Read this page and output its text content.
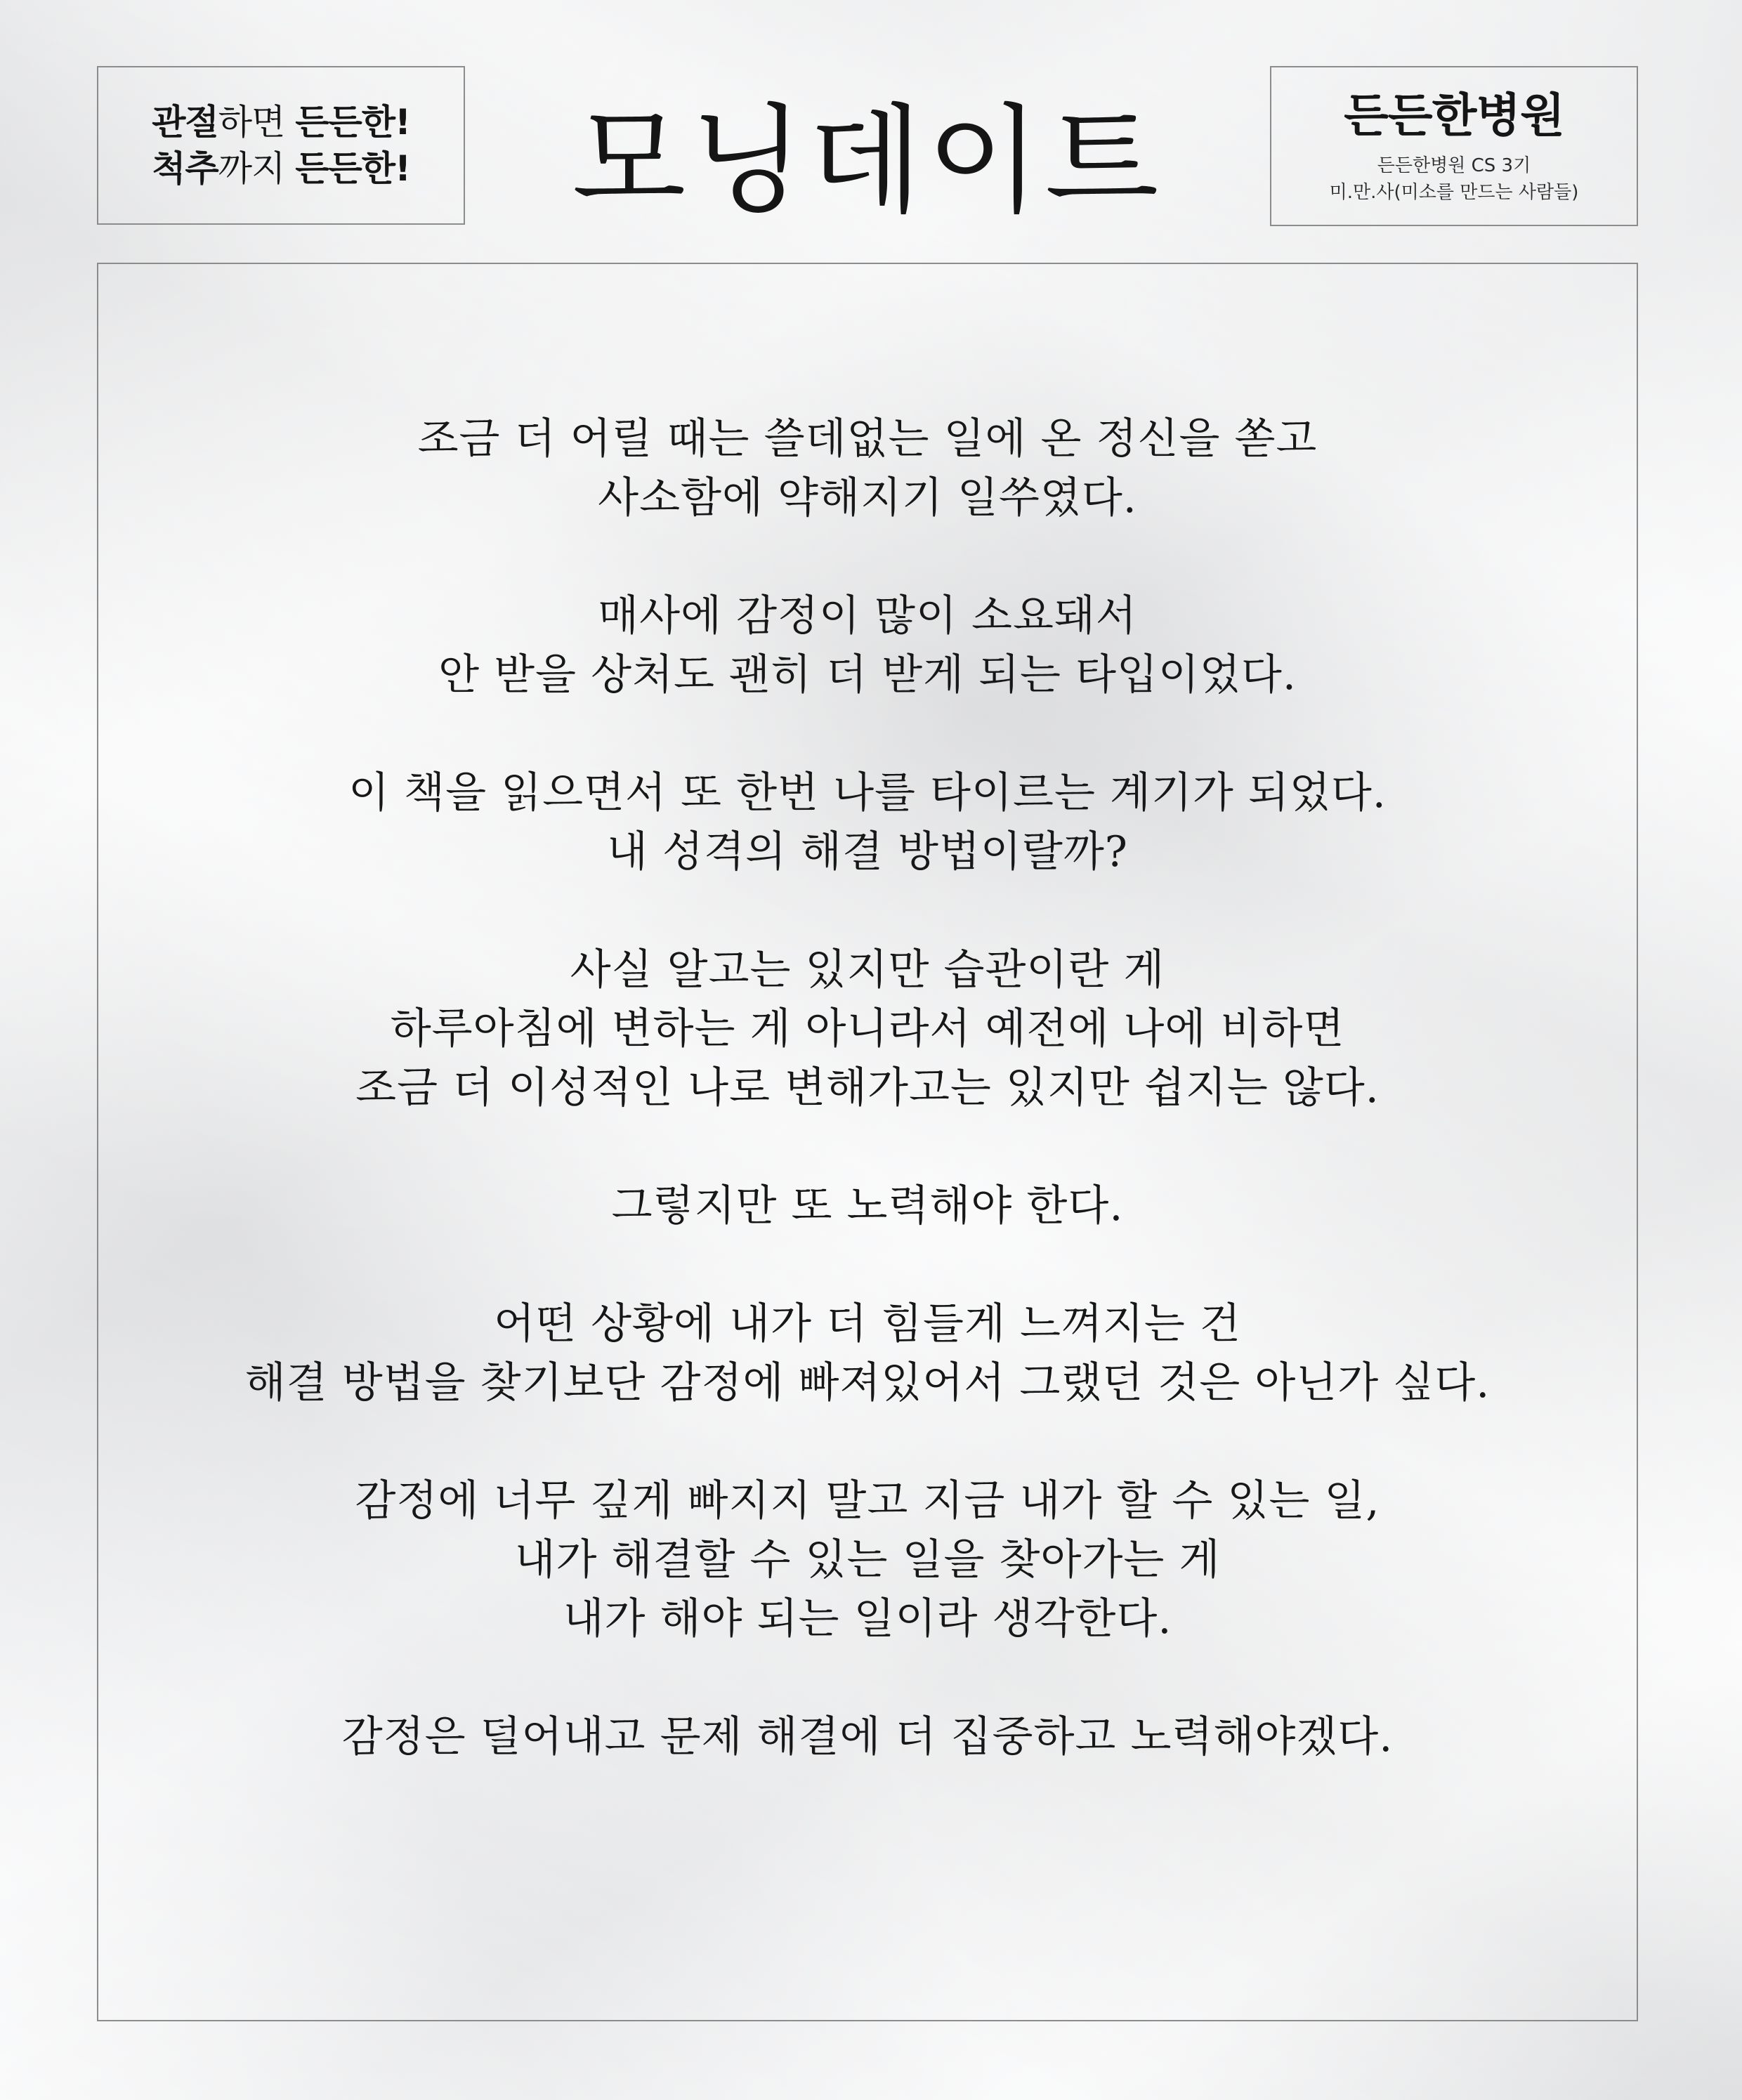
관절하면 든든한!
척추까지 든든한!	모닝데이트	든든한병원
든든한병원 CS 3기
미.만.사(미소를 만드는 사람들)
조금 더 어릴 때는 쓸데없는 일에 온 정신을 쏟고
사소함에 약해지기 일쑤였다.
매사에 감정이 많이 소요돼서
안 받을 상처도 괜히 더 받게 되는 타입이었다.
이 책을 읽으면서 또 한번 나를 타이르는 계기가 되었다.
내 성격의 해결 방법이랄까?
사실 알고는 있지만 습관이란 게
하루아침에 변하는 게 아니라서 예전에 나에 비하면
조금 더 이성적인 나로 변해가고는 있지만 쉽지는 않다.
그렇지만 또 노력해야 한다.
어떤 상황에 내가 더 힘들게 느껴지는 건
해결 방법을 찾기보단 감정에 빠져있어서 그랬던 것은 아닌가 싶다.
감정에 너무 깊게 빠지지 말고 지금 내가 할 수 있는 일,
내가 해결할 수 있는 일을 찾아가는 게
내가 해야 되는 일이라 생각한다.
감정은 덜어내고 문제 해결에 더 집중하고 노력해야겠다.
